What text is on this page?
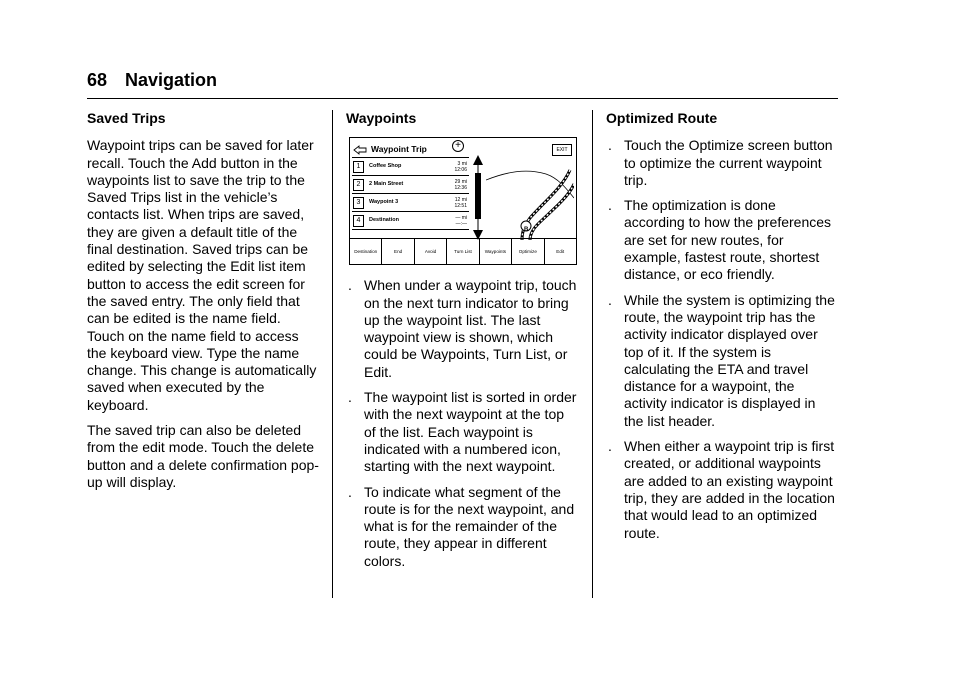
68 Navigation
Saved Trips

Waypoint trips can be saved for later recall. Touch the Add button in the waypoints list to save the trip to the Saved Trips list in the vehicle’s contacts list. When trips are saved, they are given a default title of the final destination. Saved trips can be edited by selecting the Edit list item button to access the edit screen for the saved entry. The only field that can be edited is the name field. Touch on the name field to access the keyboard view. Type the name change. This change is automatically saved when executed by the keyboard.

The saved trip can also be deleted from the edit mode. Touch the delete button and a delete confirmation pop-up will display.

Waypoints
Waypoint Trip	+
1	Coffee Shop	3 mi
12:06
2	2 Main Street	29 mi
12:36
3	Waypoint 3	12 mi
12:51
4	Destination	— mi
—:—
EXIT
B
Destination	End	Avoid	Turn List	Waypoints	Optimize	Edit
. When under a waypoint trip, touch on the next turn indicator to bring up the waypoint list. The last waypoint view is shown, which could be Waypoints, Turn List, or Edit.
. The waypoint list is sorted in order with the next waypoint at the top of the list. Each waypoint is indicated with a numbered icon, starting with the next waypoint.
. To indicate what segment of the route is for the next waypoint, and what is for the remainder of the route, they appear in different colors.
Optimized Route
. Touch the Optimize screen button to optimize the current waypoint trip.
. The optimization is done according to how the preferences are set for new routes, for example, fastest route, shortest distance, or eco friendly.
. While the system is optimizing the route, the waypoint trip has the activity indicator displayed over top of it. If the system is calculating the ETA and travel distance for a waypoint, the activity indicator is displayed in the list header.
. When either a waypoint trip is first created, or additional waypoints are added to an existing waypoint trip, they are added in the location that would lead to an optimized route.
